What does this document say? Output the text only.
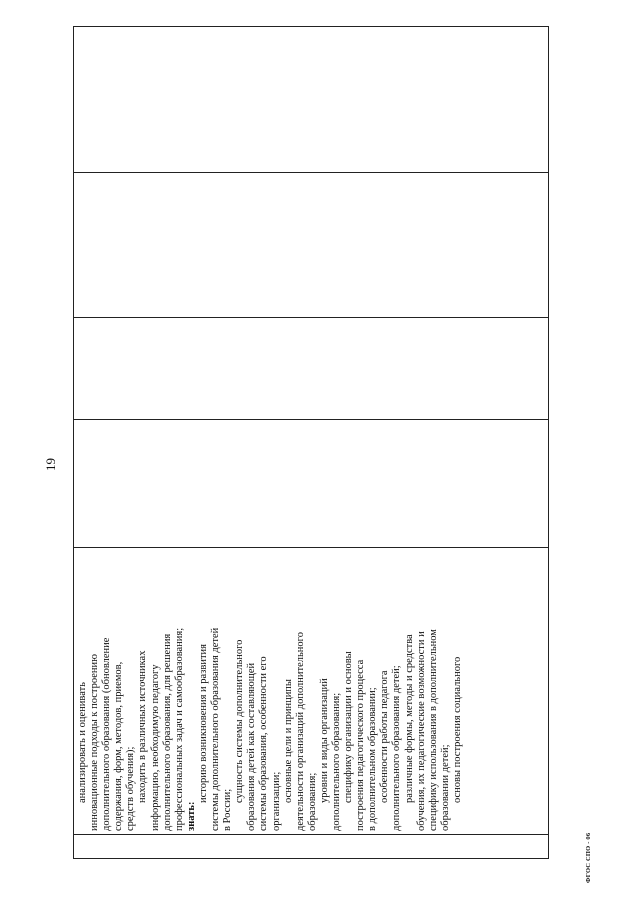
19

анализировать и оценивать инновационные подходы к построению дополнительного образования (обновление содержания, форм, методов, приемов, средств обучения); находить в различных источниках информацию, необходимую педагогу дополнительного образования, для решения профессиональных задач и самообразования; знать:
историю возникновения и развития системы дополнительного образования детей в России;
сущность системы дополнительного образования детей как составляющей системы образования, особенности его организации; основные цели и принципы деятельности организаций дополнительного образования; уровни и виды организаций дополнительного образования; специфику организации и основы построения педагогического процесса в дополнительном образовании; особенности работы педагога дополнительного образования детей; различные формы, методы и средства обучения, их педагогические возможности и специфику использования в дополнительном образовании детей; основы построения социального

ФГОС СПО - 06
